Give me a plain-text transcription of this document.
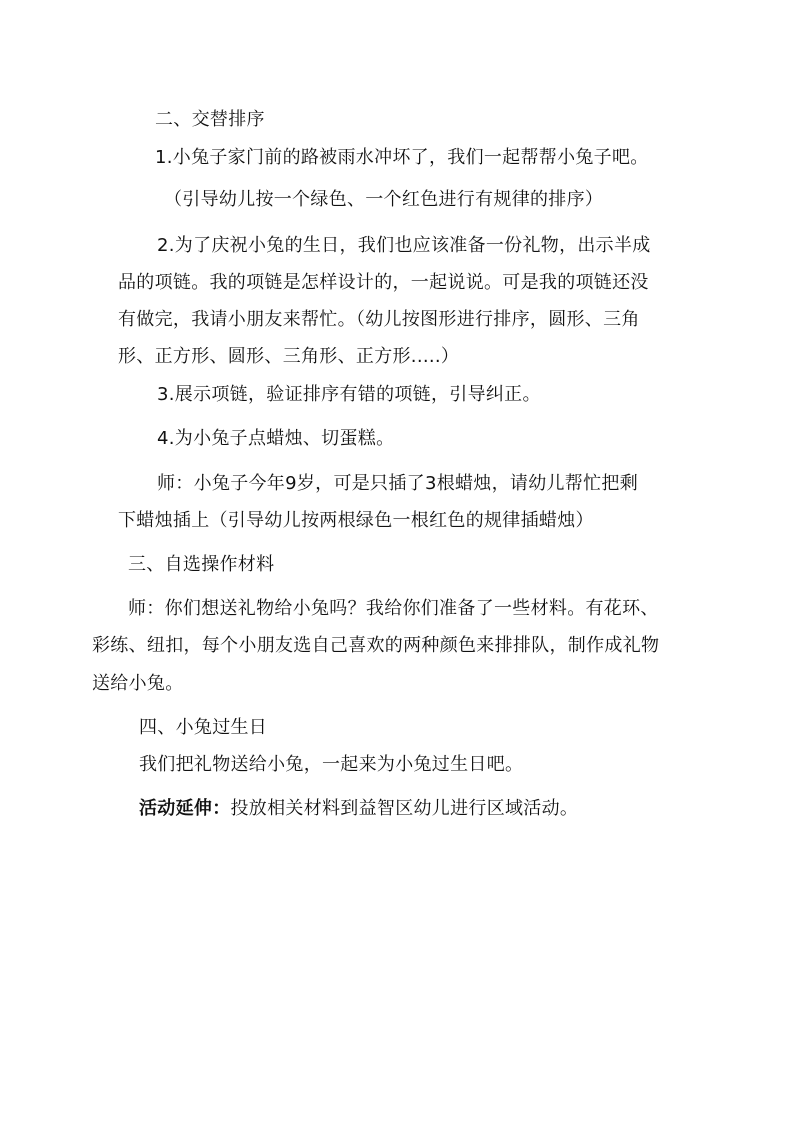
二、交替排序
1.小兔子家门前的路被雨水冲坏了，我们一起帮帮小兔子吧。
（引导幼儿按一个绿色、一个红色进行有规律的排序）
2.为了庆祝小兔的生日，我们也应该准备一份礼物，出示半成
品的项链。我的项链是怎样设计的，一起说说。可是我的项链还没
有做完，我请小朋友来帮忙。（幼儿按图形进行排序，圆形、三角
形、正方形、圆形、三角形、正方形.....）
3.展示项链，验证排序有错的项链，引导纠正。
4.为小兔子点蜡烛、切蛋糕。
师：小兔子今年9岁，可是只插了3根蜡烛，请幼儿帮忙把剩
下蜡烛插上（引导幼儿按两根绿色一根红色的规律插蜡烛）
三、自选操作材料
师：你们想送礼物给小兔吗？我给你们准备了一些材料。有花环、
彩练、纽扣，每个小朋友选自己喜欢的两种颜色来排排队，制作成礼物
送给小兔。
四、小兔过生日
我们把礼物送给小兔，一起来为小兔过生日吧。
活动延伸：投放相关材料到益智区幼儿进行区域活动。
